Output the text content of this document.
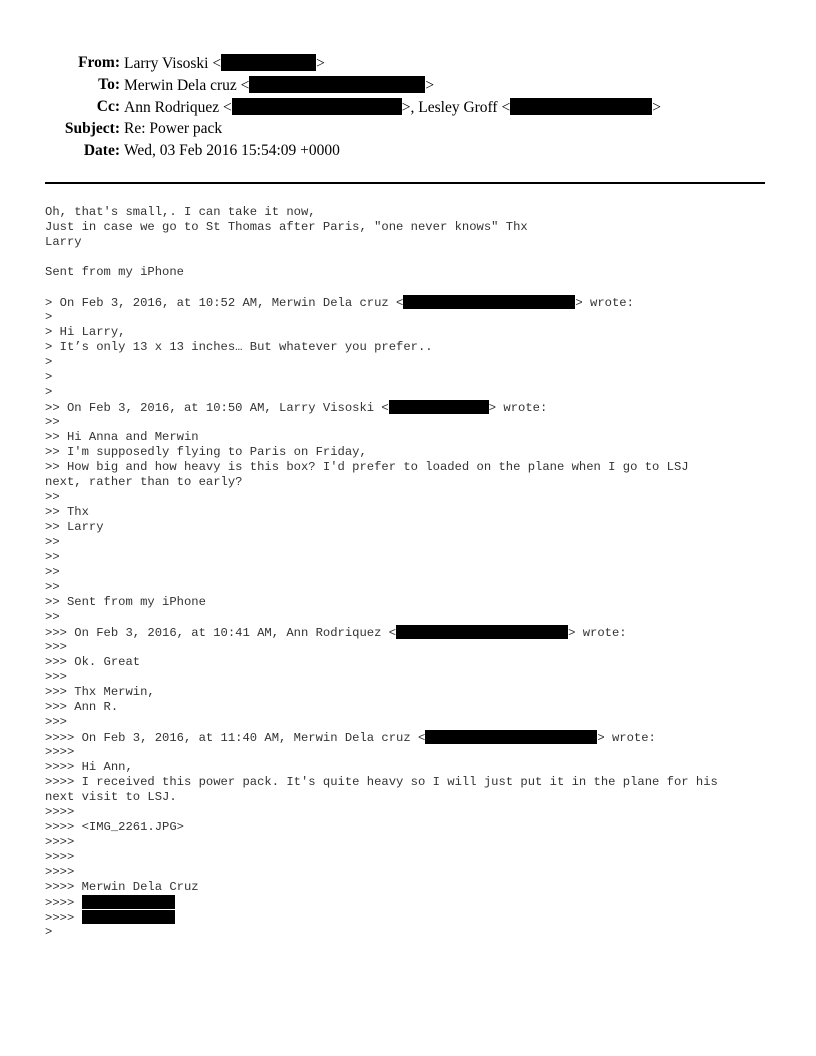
From: Larry Visoski <	>
To: Merwin Dela cruz <	>
Cc: Ann Rodriquez <	>, Lesley Groff <	>
Subject: Re: Power pack
Date: Wed, 03 Feb 2016 15:54:09 +0000
Oh, that's small,. I can take it now,
Just in case we go to St Thomas after Paris, "one never knows" Thx
Larry
Sent from my iPhone
> On Feb 3, 2016, at 10:52 AM, Merwin Dela cruz <	> wrote:
>
> Hi Larry,
> It’s only 13 x 13 inches… But whatever you prefer..
>
>
>
>> On Feb 3, 2016, at 10:50 AM, Larry Visoski <	> wrote:
>>
>> Hi Anna and Merwin
>> I'm supposedly flying to Paris on Friday,
>> How big and how heavy is this box? I'd prefer to loaded on the plane when I go to LSJ
next, rather than to early?
>>
>> Thx
>> Larry
>>
>>
>>
>>
>> Sent from my iPhone
>>
>>> On Feb 3, 2016, at 10:41 AM, Ann Rodriquez <	> wrote:
>>>
>>> Ok. Great
>>>
>>> Thx Merwin,
>>> Ann R.
>>>
>>>> On Feb 3, 2016, at 11:40 AM, Merwin Dela cruz <	> wrote:
>>>>
>>>> Hi Ann,
>>>> I received this power pack. It's quite heavy so I will just put it in the plane for his
next visit to LSJ.
>>>>
>>>> <IMG_2261.JPG>
>>>>
>>>>
>>>>
>>>> Merwin Dela Cruz
>>>>
>>>>
>
